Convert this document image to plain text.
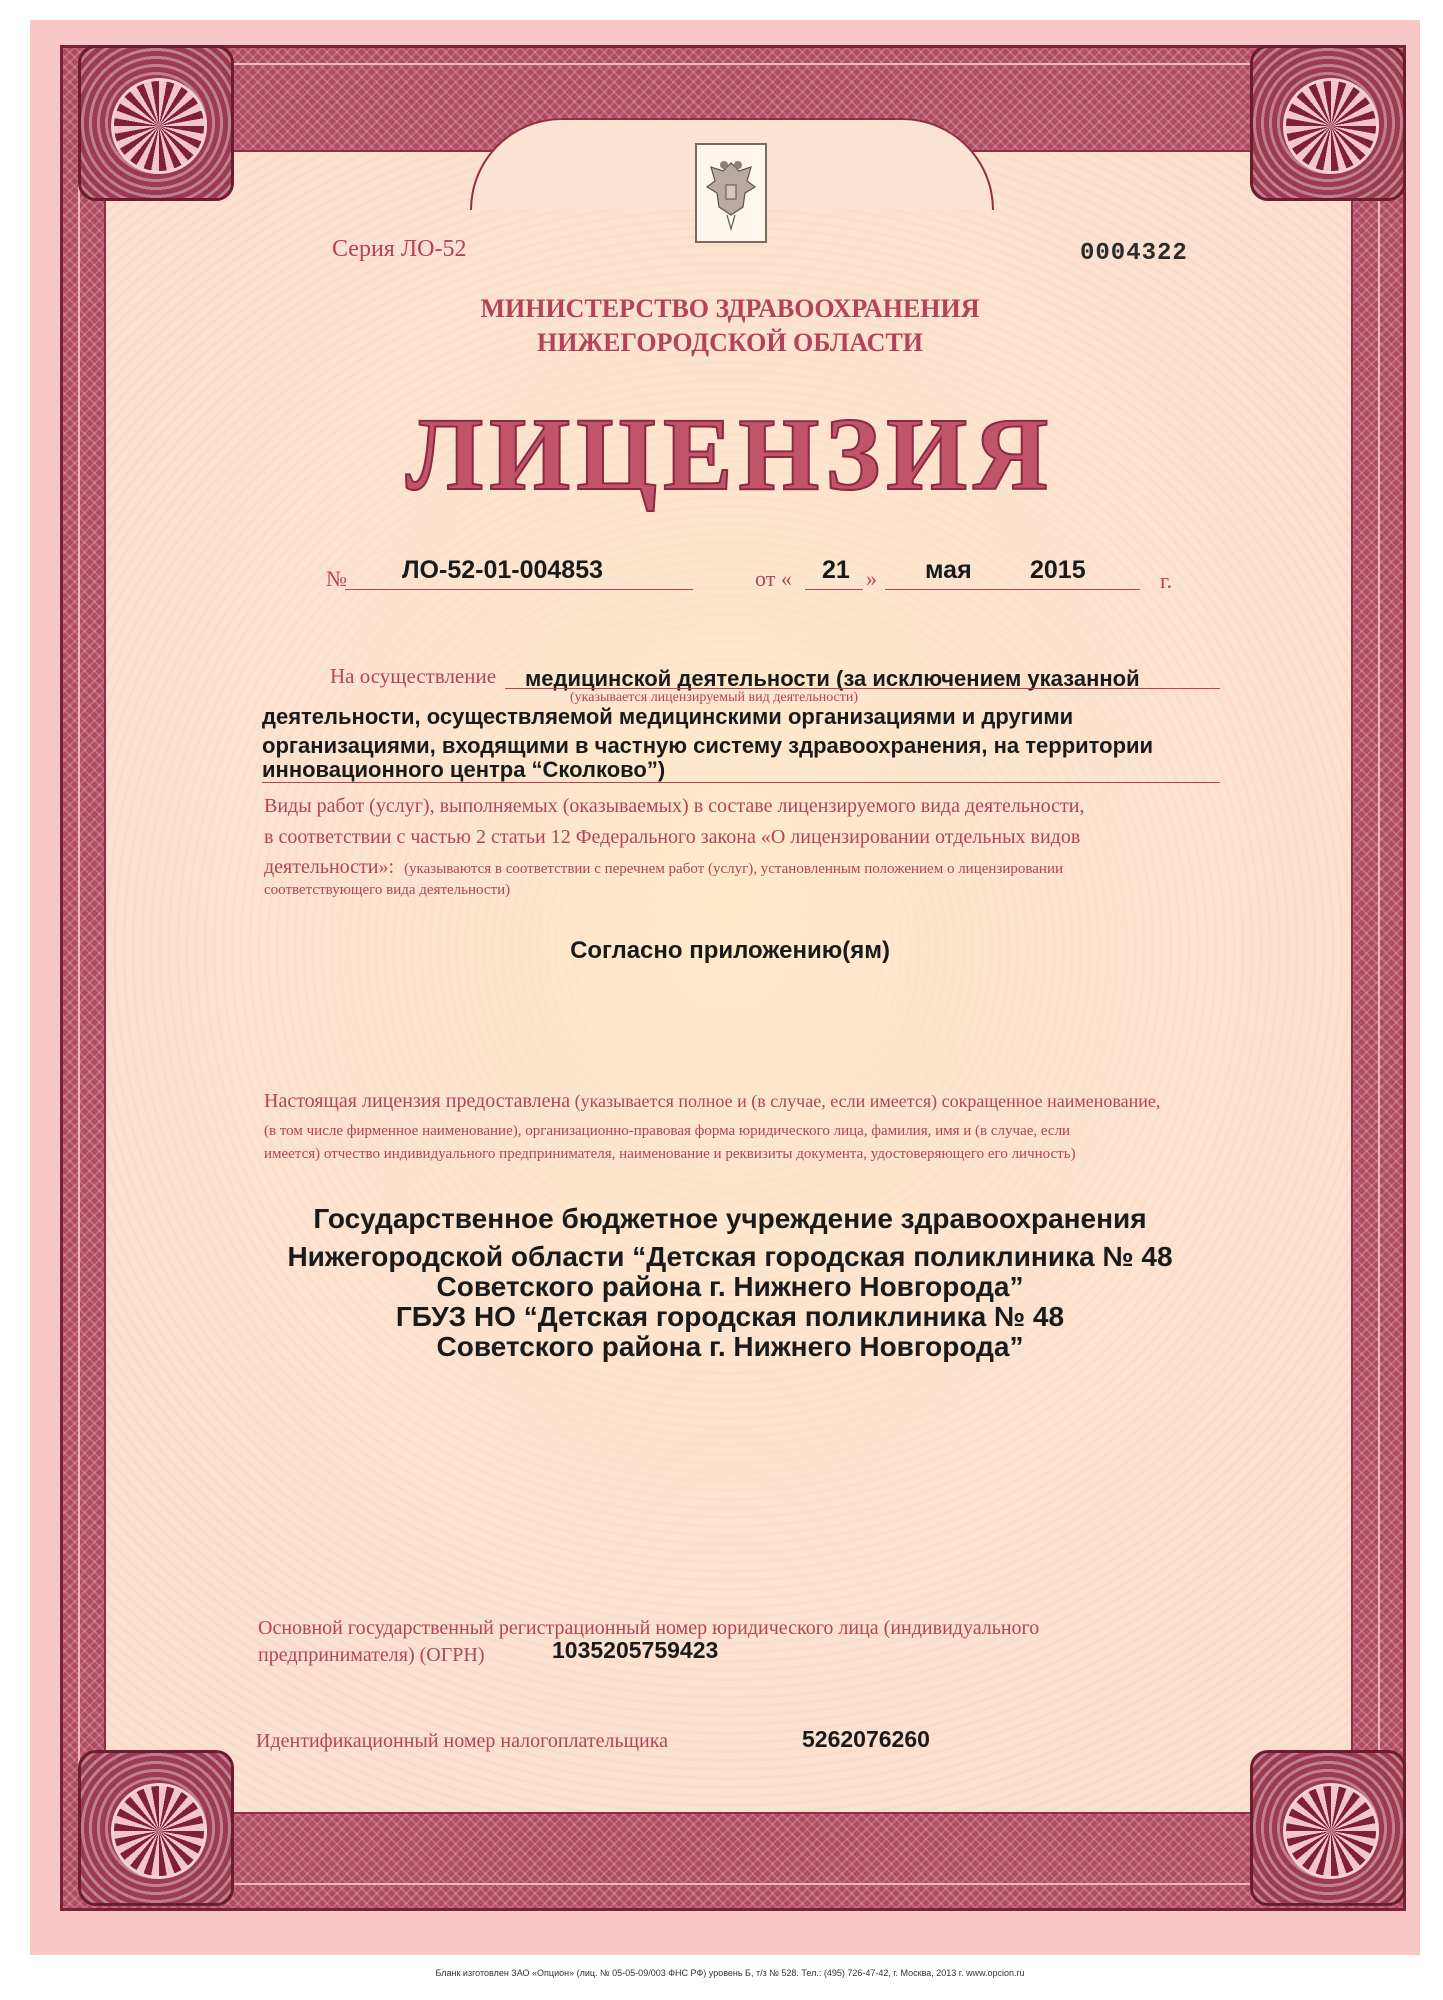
Серия ЛО-52	0004322

МИНИСТЕРСТВО ЗДРАВООХРАНЕНИЯ
НИЖЕГОРОДСКОЙ ОБЛАСТИ

ЛИЦЕНЗИЯ

№ ЛО-52-01-004853	от « 21 » мая 2015	г.
На осуществление медицинской деятельности (за исключением указанной
(указывается лицензируемый вид деятельности)
деятельности, осуществляемой медицинскими организациями и другими
организациями, входящими в частную систему здравоохранения, на территории
инновационного центра “Сколково”)

Виды работ (услуг), выполняемых (оказываемых) в составе лицензируемого вида деятельности,

в соответствии с частью 2 статьи 12 Федерального закона «О лицензировании отдельных видов

деятельности»: (указываются в соответствии с перечнем работ (услуг), установленным положением о лицензировании

соответствующего вида деятельности)

Согласно приложению(ям)

Настоящая лицензия предоставлена (указывается полное и (в случае, если имеется) сокращенное наименование,

(в том числе фирменное наименование), организационно-правовая форма юридического лица, фамилия, имя и (в случае, если

имеется) отчество индивидуального предпринимателя, наименование и реквизиты документа, удостоверяющего его личность)

Государственное бюджетное учреждение здравоохранения

Нижегородской области “Детская городская поликлиника № 48

Советского района г. Нижнего Новгорода”

ГБУЗ НО “Детская городская поликлиника № 48

Советского района г. Нижнего Новгорода”

Основной государственный регистрационный номер юридического лица (индивидуального

предпринимателя) (ОГРН)	1035205759423

Идентификационный номер налогоплательщика	5262076260

Бланк изготовлен ЗАО «Опцион» (лиц. № 05-05-09/003 ФНС РФ) уровень Б, т/з № 528. Тел.: (495) 726-47-42, г. Москва, 2013 г. www.opcion.ru
